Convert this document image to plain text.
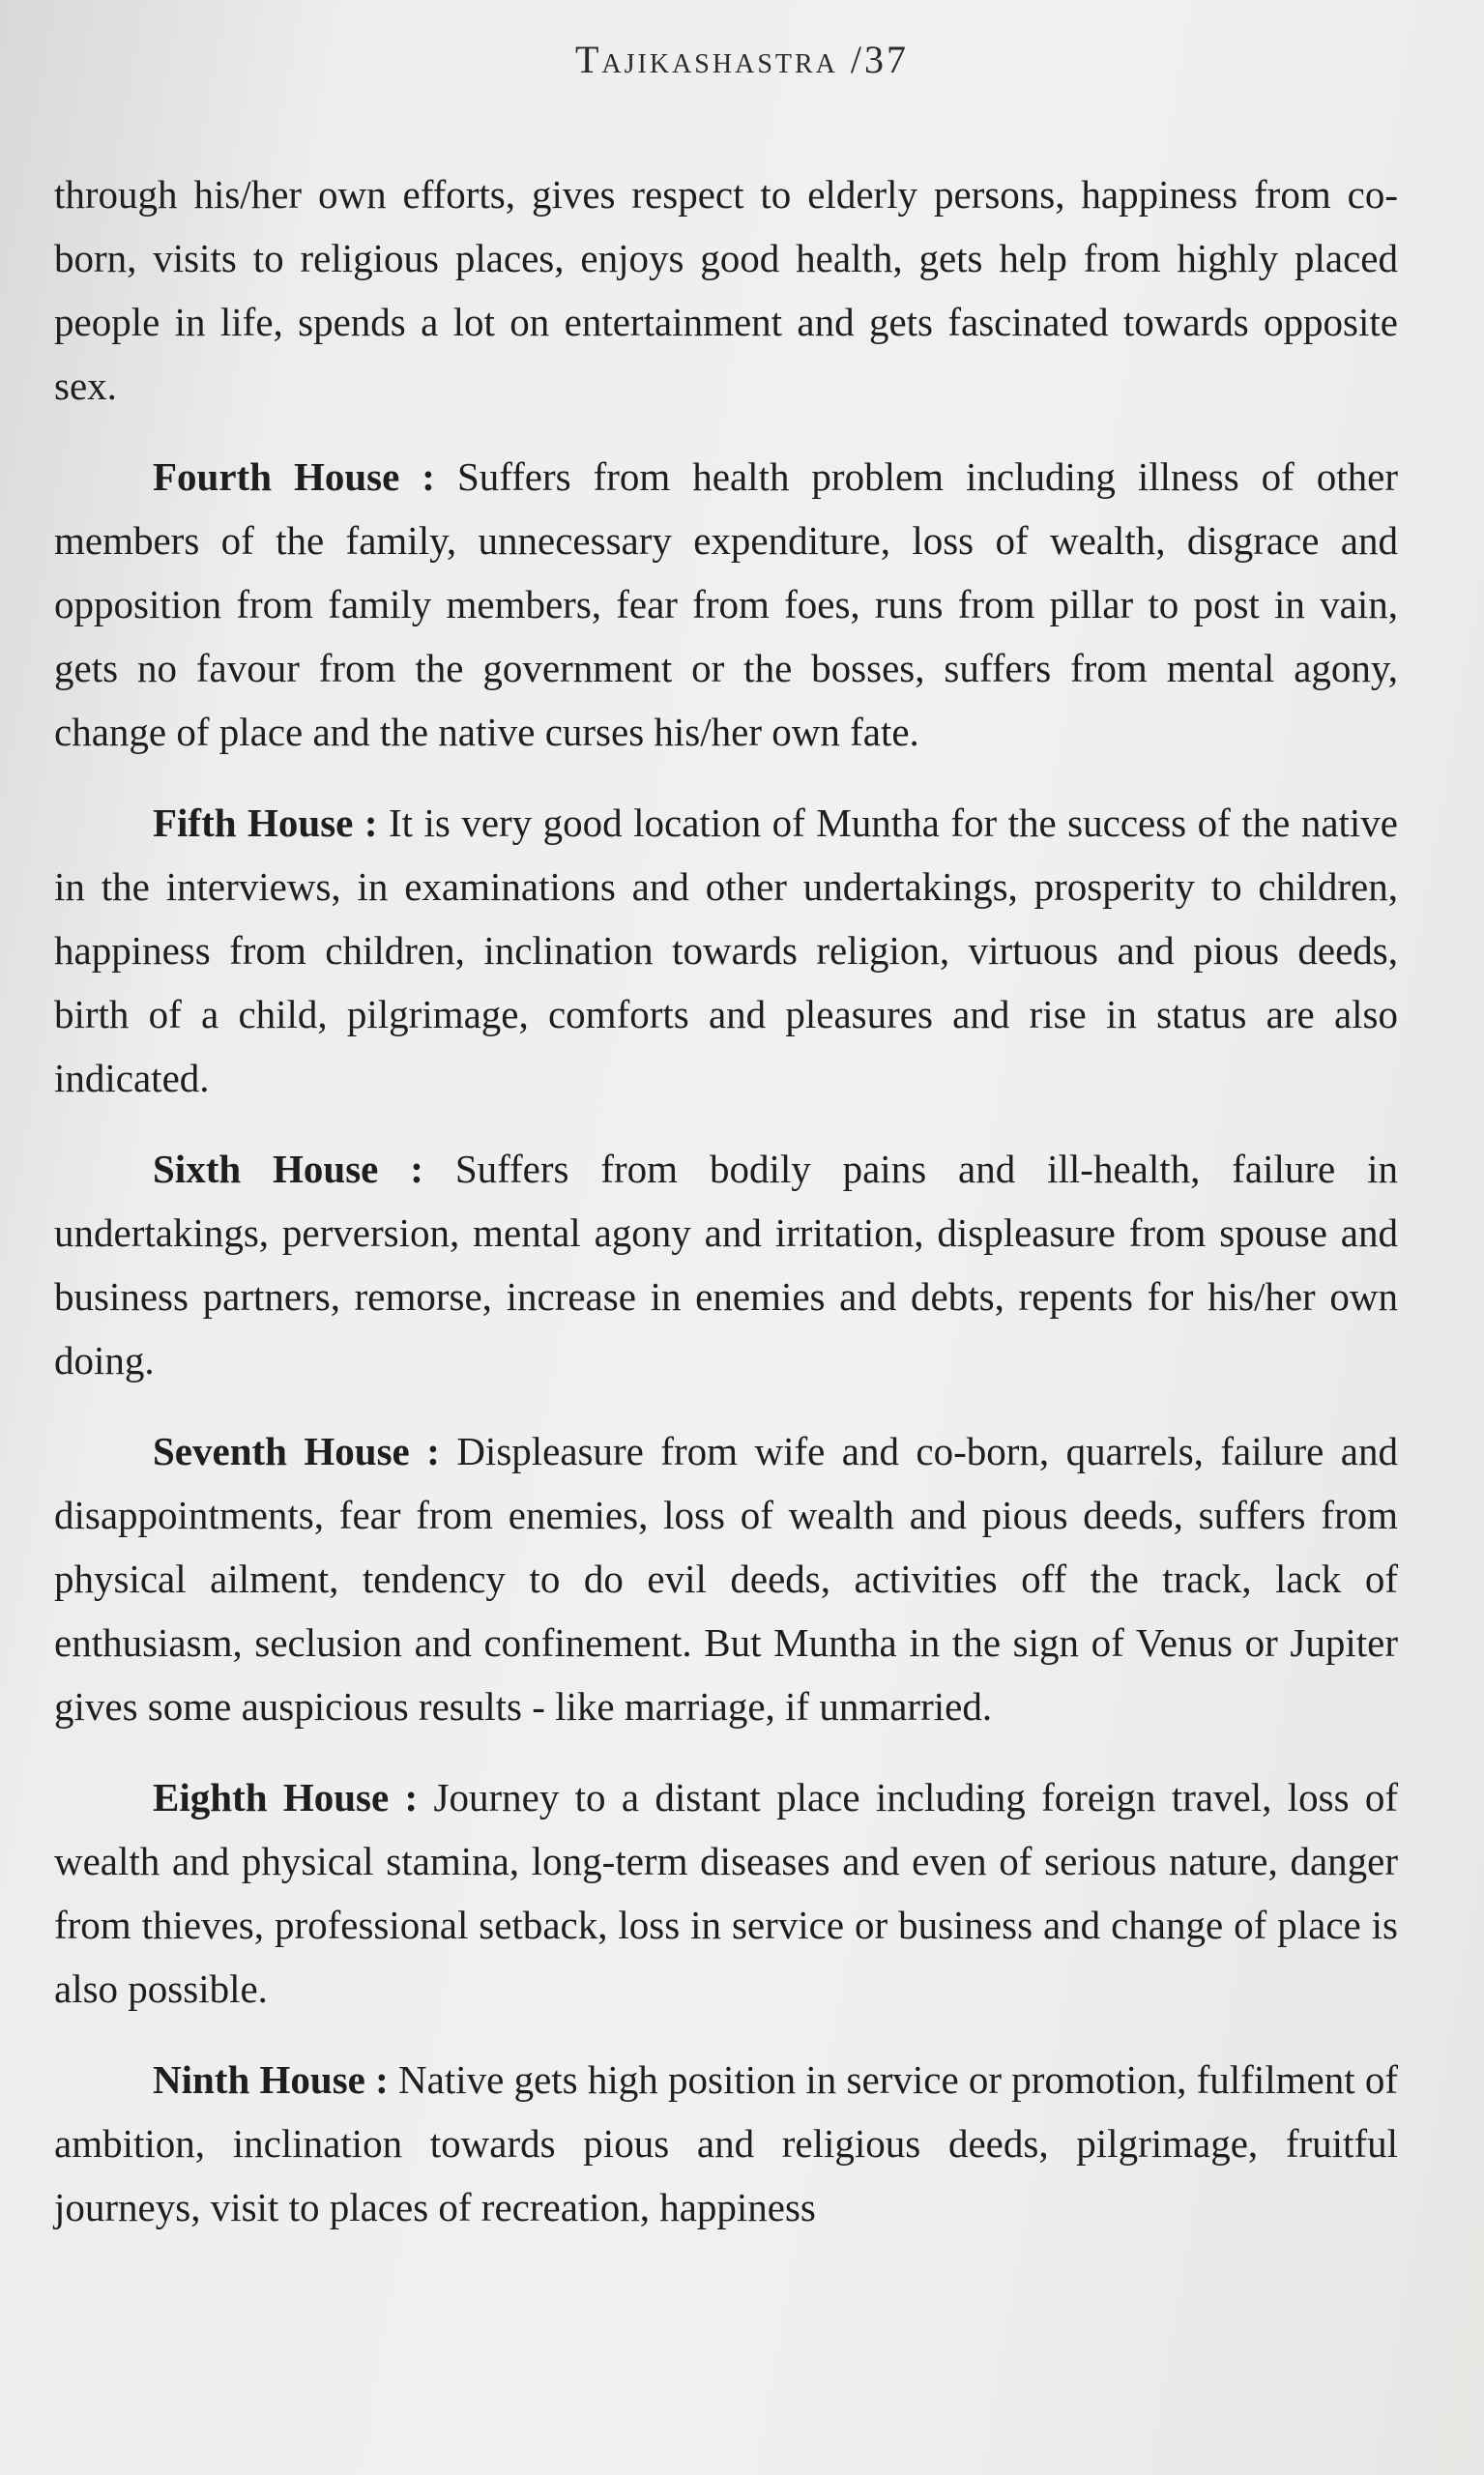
Tajikashastra /37

through his/her own efforts, gives respect to elderly persons, happiness from co-born, visits to religious places, enjoys good health, gets help from highly placed people in life, spends a lot on entertainment and gets fascinated towards opposite sex.

Fourth House : Suffers from health problem including illness of other members of the family, unnecessary expenditure, loss of wealth, disgrace and opposition from family members, fear from foes, runs from pillar to post in vain, gets no favour from the government or the bosses, suffers from mental agony, change of place and the native curses his/her own fate.

Fifth House : It is very good location of Muntha for the success of the native in the interviews, in examinations and other undertakings, prosperity to children, happiness from children, inclination towards religion, virtuous and pious deeds, birth of a child, pilgrimage, comforts and pleasures and rise in status are also indicated.

Sixth House : Suffers from bodily pains and ill-health, failure in undertakings, perversion, mental agony and irritation, displeasure from spouse and business partners, remorse, increase in enemies and debts, repents for his/her own doing.

Seventh House : Displeasure from wife and co-born, quarrels, failure and disappointments, fear from enemies, loss of wealth and pious deeds, suffers from physical ailment, tendency to do evil deeds, activities off the track, lack of enthusiasm, seclusion and confinement. But Muntha in the sign of Venus or Jupiter gives some auspicious results - like marriage, if unmarried.

Eighth House : Journey to a distant place including foreign travel, loss of wealth and physical stamina, long-term diseases and even of serious nature, danger from thieves, professional setback, loss in service or business and change of place is also possible.

Ninth House : Native gets high position in service or promotion, fulfilment of ambition, inclination towards pious and religious deeds, pilgrimage, fruitful journeys, visit to places of recreation, happiness
